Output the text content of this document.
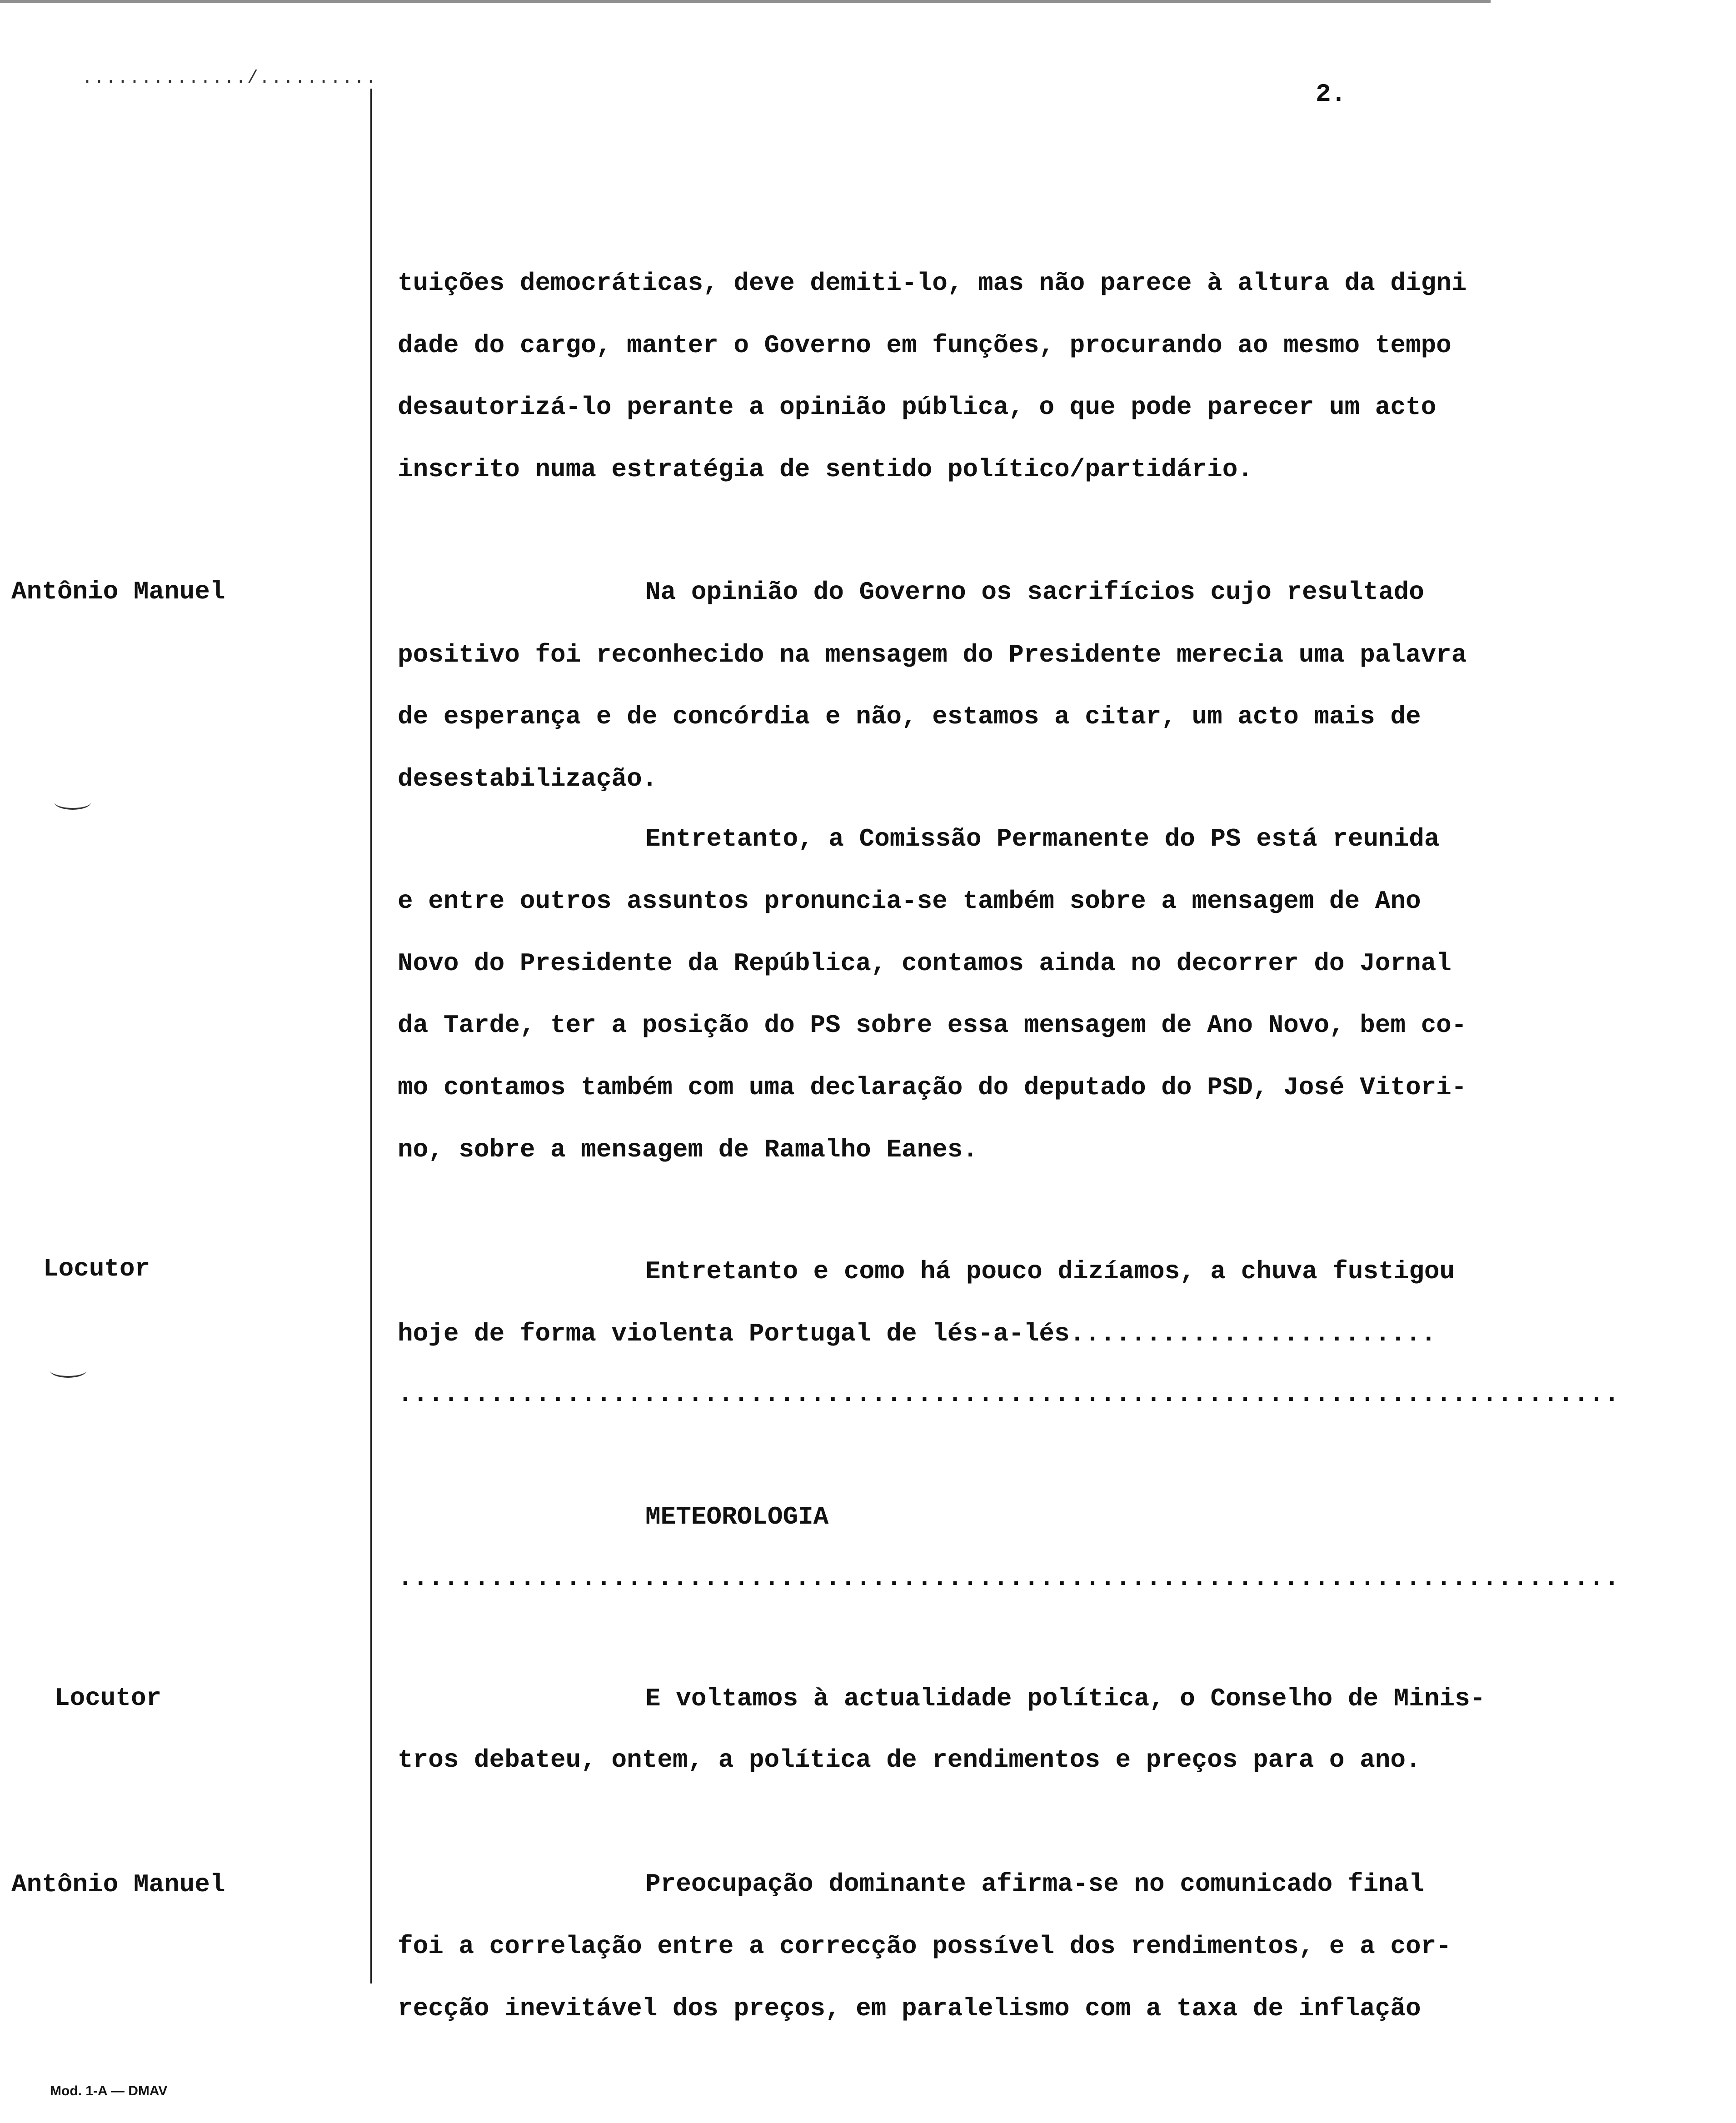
............../..........
2.
Antônio Manuel
Locutor
Locutor
Antônio Manuel
tuições democráticas, deve demiti-lo, mas não parece à altura da digni
dade do cargo, manter o Governo em funções, procurando ao mesmo tempo
desautorizá-lo perante a opinião pública, o que pode parecer um acto
inscrito numa estratégia de sentido político/partidário.
Na opinião do Governo os sacrifícios cujo resultado
positivo foi reconhecido na mensagem do Presidente merecia uma palavra
de esperança e de concórdia e não, estamos a citar, um acto mais de
desestabilização.
Entretanto, a Comissão Permanente do PS está reunida
e entre outros assuntos pronuncia-se também sobre a mensagem de Ano
Novo do Presidente da República, contamos ainda no decorrer do Jornal
da Tarde, ter a posição do PS sobre essa mensagem de Ano Novo, bem co-
mo contamos também com uma declaração do deputado do PSD, José Vitori-
no, sobre a mensagem de Ramalho Eanes.
Entretanto e como há pouco dizíamos, a chuva fustigou
hoje de forma violenta Portugal de lés-a-lés........................
................................................................................
METEOROLOGIA
................................................................................
E voltamos à actualidade política, o Conselho de Minis-
tros debateu, ontem, a política de rendimentos e preços para o ano.
Preocupação dominante afirma-se no comunicado final
foi a correlação entre a correcção possível dos rendimentos, e a cor-
recção inevitável dos preços, em paralelismo com a taxa de inflação
Mod. 1-A — DMAV
